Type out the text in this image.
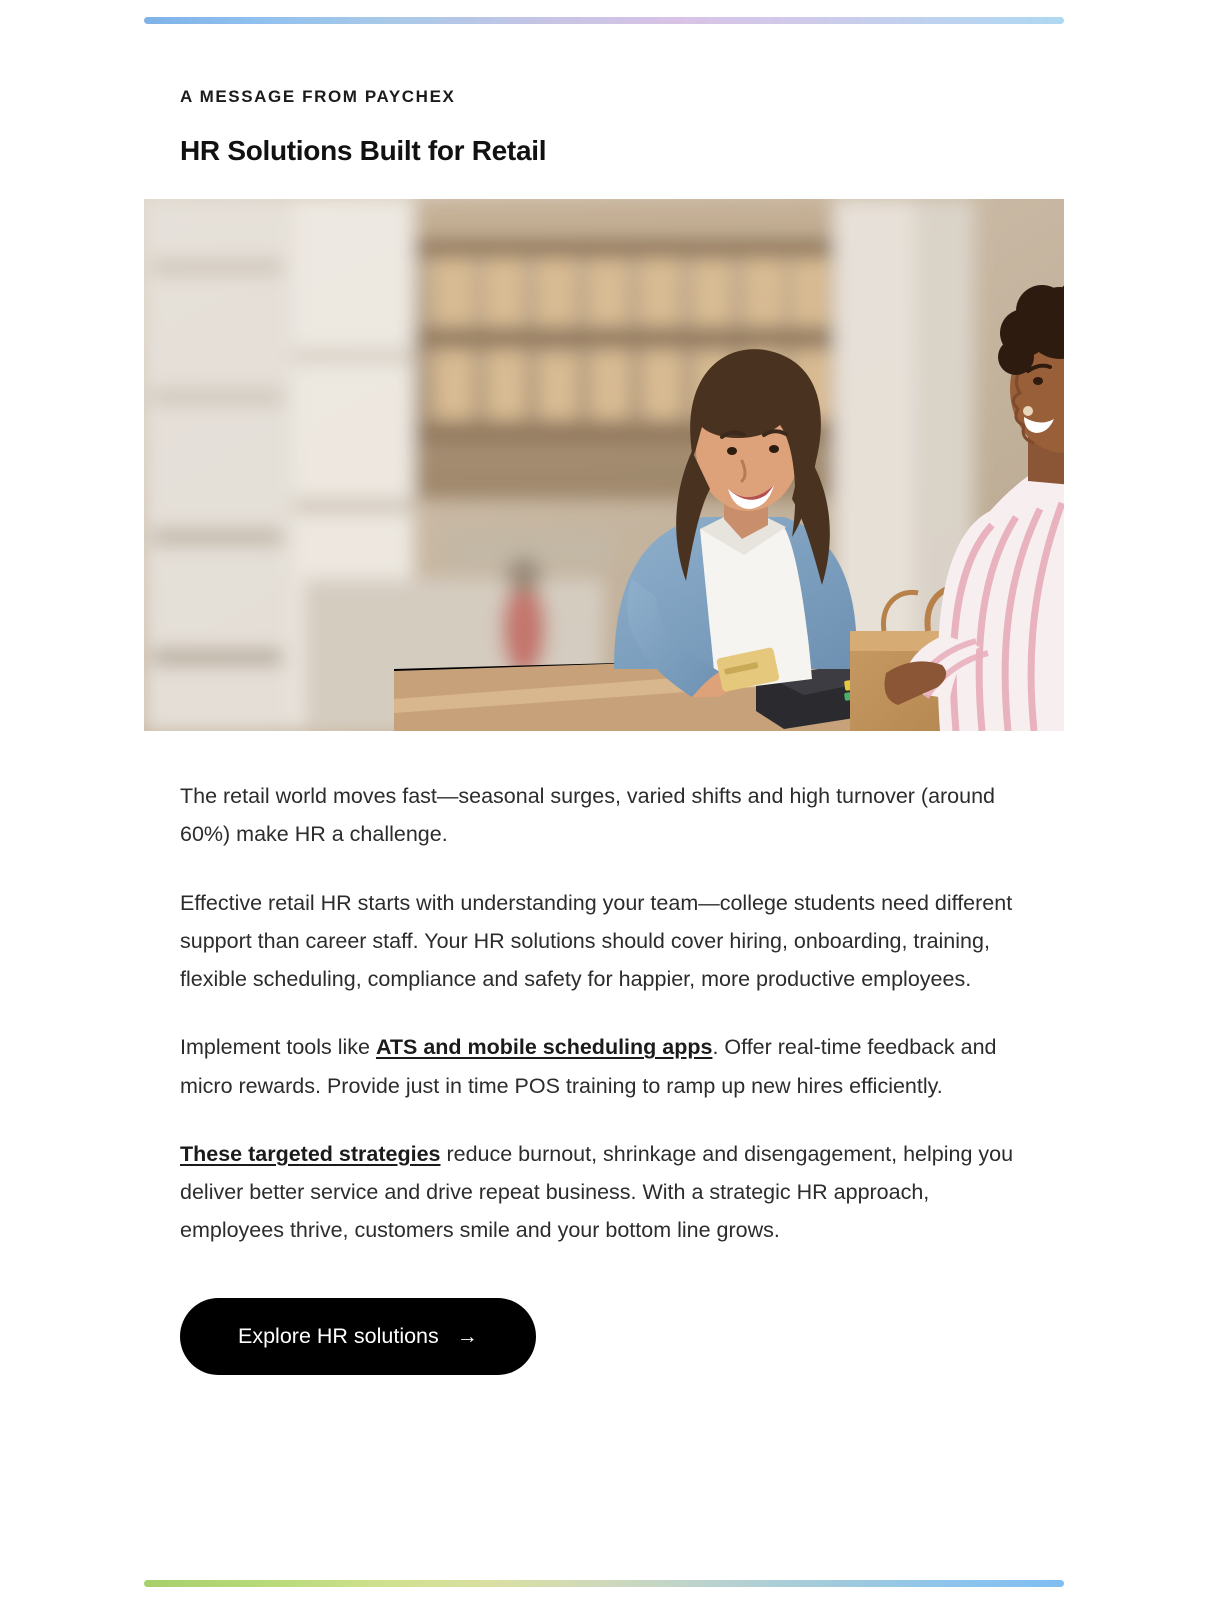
A MESSAGE FROM PAYCHEX
HR Solutions Built for Retail

The retail world moves fast—seasonal surges, varied shifts and high turnover (around 60%) make HR a challenge.

Effective retail HR starts with understanding your team—college students need different support than career staff. Your HR solutions should cover hiring, onboarding, training, flexible scheduling, compliance and safety for happier, more productive employees.

Implement tools like ATS and mobile scheduling apps. Offer real-time feedback and micro rewards. Provide just in time POS training to ramp up new hires efficiently.

These targeted strategies reduce burnout, shrinkage and disengagement, helping you deliver better service and drive repeat business. With a strategic HR approach, employees thrive, customers smile and your bottom line grows.

Explore HR solutions →
